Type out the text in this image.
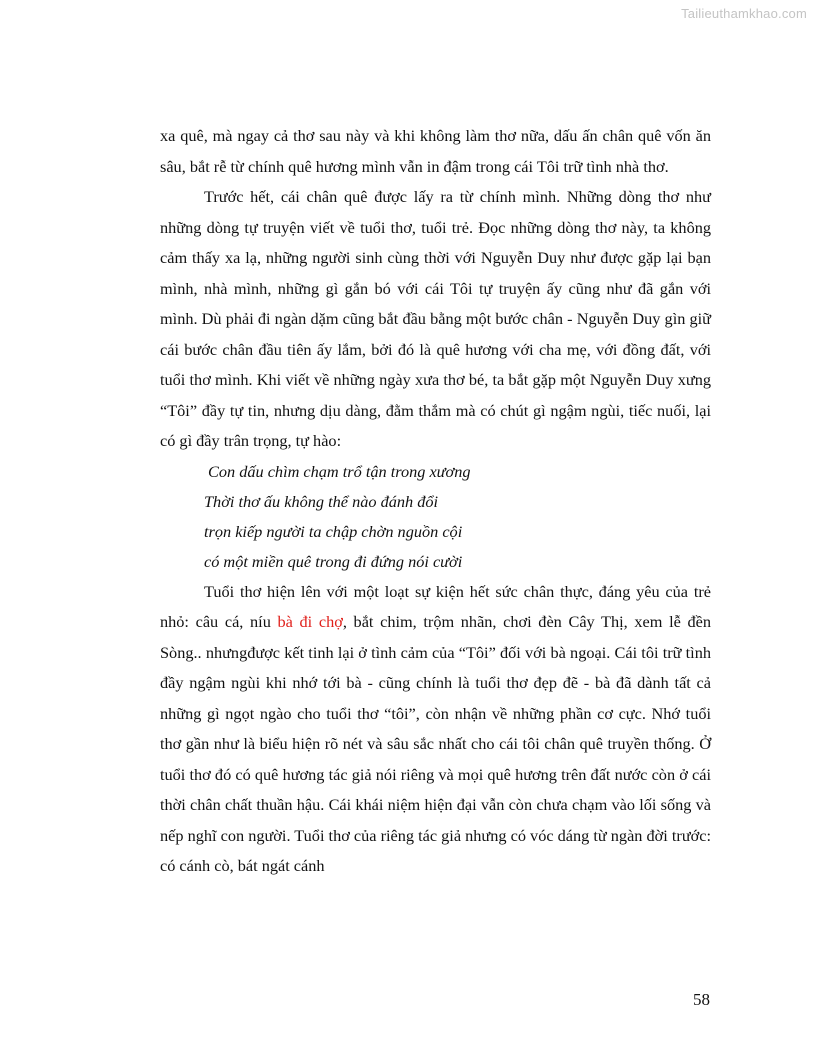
Tailieuthamkhao.com

xa quê, mà ngay cả thơ sau này và khi không làm thơ nữa, dấu ấn chân quê vốn ăn sâu, bắt rễ từ chính quê hương mình vẫn in đậm trong cái Tôi trữ tình nhà thơ.

Trước hết, cái chân quê được lấy ra từ chính mình. Những dòng thơ như những dòng tự truyện viết về tuổi thơ, tuổi trẻ. Đọc những dòng thơ này, ta không cảm thấy xa lạ, những người sinh cùng thời với Nguyễn Duy như được gặp lại bạn mình, nhà mình, những gì gắn bó với cái Tôi tự truyện ấy cũng như đã gắn với mình. Dù phải đi ngàn dặm cũng bắt đầu bằng một bước chân - Nguyễn Duy gìn giữ cái bước chân đầu tiên ấy lắm, bởi đó là quê hương với cha mẹ, với đồng đất, với tuổi thơ mình. Khi viết về những ngày xưa thơ bé, ta bắt gặp một Nguyễn Duy xưng “Tôi” đầy tự tin, nhưng dịu dàng, đằm thắm mà có chút gì ngậm ngùi, tiếc nuối, lại có gì đầy trân trọng, tự hào:

Con dấu chìm chạm trổ tận trong xương
Thời thơ ấu không thể nào đánh đổi
trọn kiếp người ta chập chờn nguồn cội
có một miền quê trong đi đứng nói cười

Tuổi thơ hiện lên với một loạt sự kiện hết sức chân thực, đáng yêu của trẻ nhỏ: câu cá, níu bà đi chợ, bắt chim, trộm nhãn, chơi đèn Cây Thị, xem lễ đền Sòng.. nhưngđược kết tinh lại ở tình cảm của “Tôi” đối với bà ngoại. Cái tôi trữ tình đầy ngậm ngùi khi nhớ tới bà - cũng chính là tuổi thơ đẹp đẽ - bà đã dành tất cả những gì ngọt ngào cho tuổi thơ “tôi”, còn nhận về những phần cơ cực. Nhớ tuổi thơ gần như là biểu hiện rõ nét và sâu sắc nhất cho cái tôi chân quê truyền thống. Ở tuổi thơ đó có quê hương tác giả nói riêng và mọi quê hương trên đất nước còn ở cái thời chân chất thuần hậu. Cái khái niệm hiện đại vẫn còn chưa chạm vào lối sống và nếp nghĩ con người. Tuổi thơ của riêng tác giả nhưng có vóc dáng từ ngàn đời trước: có cánh cò, bát ngát cánh

58
